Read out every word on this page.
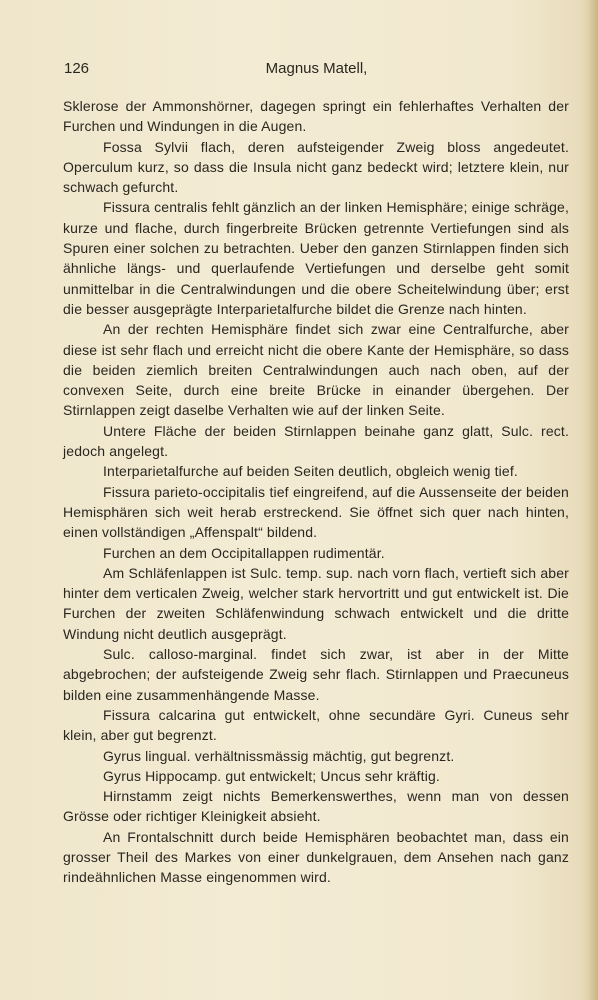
126	Magnus Matell,

Sklerose der Ammonshörner, dagegen springt ein fehlerhaftes Verhalten der Furchen und Windungen in die Augen.

Fossa Sylvii flach, deren aufsteigender Zweig bloss angedeutet. Operculum kurz, so dass die Insula nicht ganz bedeckt wird; letztere klein, nur schwach gefurcht.

Fissura centralis fehlt gänzlich an der linken Hemisphäre; einige schräge, kurze und flache, durch fingerbreite Brücken getrennte Vertiefungen sind als Spuren einer solchen zu betrachten. Ueber den ganzen Stirnlappen finden sich ähnliche längs- und querlaufende Vertiefungen und derselbe geht somit unmittelbar in die Centralwindungen und die obere Scheitelwindung über; erst die besser ausgeprägte Interparietalfurche bildet die Grenze nach hinten.

An der rechten Hemisphäre findet sich zwar eine Centralfurche, aber diese ist sehr flach und erreicht nicht die obere Kante der Hemisphäre, so dass die beiden ziemlich breiten Centralwindungen auch nach oben, auf der convexen Seite, durch eine breite Brücke in einander übergehen. Der Stirnlappen zeigt daselbe Verhalten wie auf der linken Seite.

Untere Fläche der beiden Stirnlappen beinahe ganz glatt, Sulc. rect. jedoch angelegt.

Interparietalfurche auf beiden Seiten deutlich, obgleich wenig tief.

Fissura parieto-occipitalis tief eingreifend, auf die Aussenseite der beiden Hemisphären sich weit herab erstreckend. Sie öffnet sich quer nach hinten, einen vollständigen „Affenspalt“ bildend.

Furchen an dem Occipitallappen rudimentär.

Am Schläfenlappen ist Sulc. temp. sup. nach vorn flach, vertieft sich aber hinter dem verticalen Zweig, welcher stark hervortritt und gut entwickelt ist. Die Furchen der zweiten Schläfenwindung schwach entwickelt und die dritte Windung nicht deutlich ausgeprägt.

Sulc. calloso-marginal. findet sich zwar, ist aber in der Mitte abgebrochen; der aufsteigende Zweig sehr flach. Stirnlappen und Praecuneus bilden eine zusammenhängende Masse.

Fissura calcarina gut entwickelt, ohne secundäre Gyri. Cuneus sehr klein, aber gut begrenzt.

Gyrus lingual. verhältnissmässig mächtig, gut begrenzt.

Gyrus Hippocamp. gut entwickelt; Uncus sehr kräftig.

Hirnstamm zeigt nichts Bemerkenswerthes, wenn man von dessen Grösse oder richtiger Kleinigkeit absieht.

An Frontalschnitt durch beide Hemisphären beobachtet man, dass ein grosser Theil des Markes von einer dunkelgrauen, dem Ansehen nach ganz rindeähnlichen Masse eingenommen wird.
